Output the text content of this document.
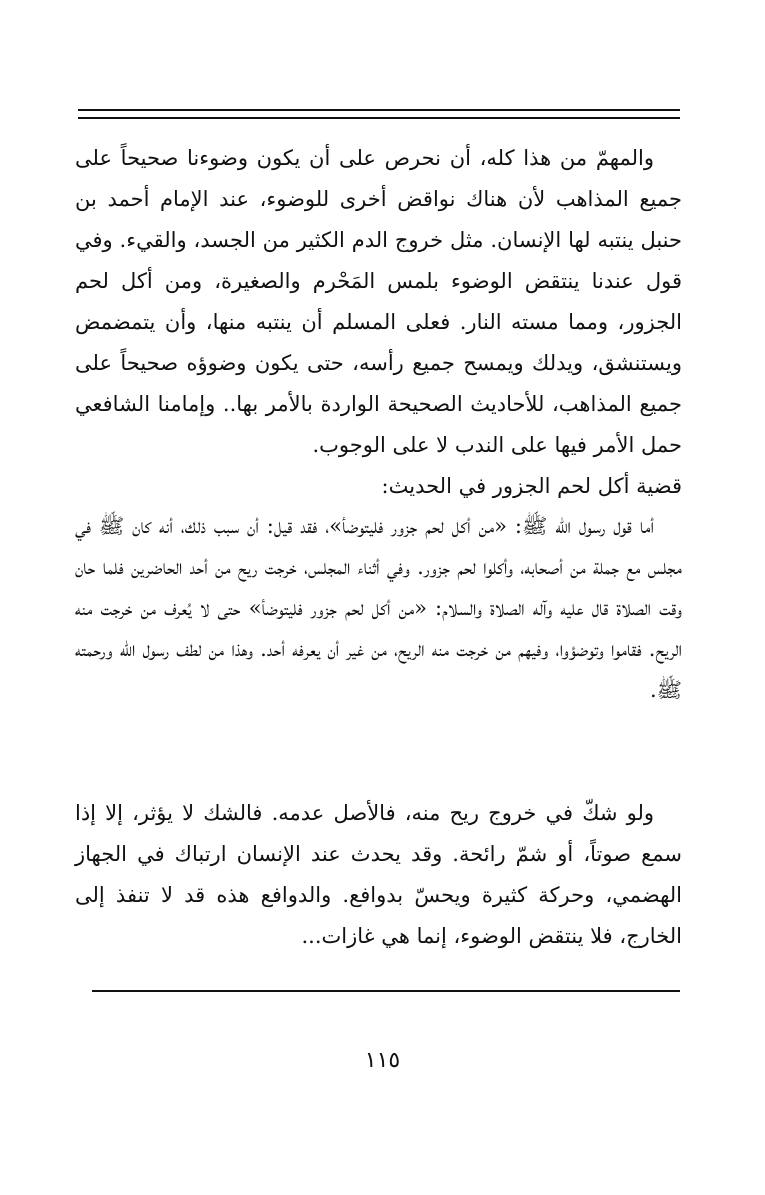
والمهمّ من هذا كله، أن نحرص على أن يكون وضوءنا صحيحاً على جميع المذاهب لأن هناك نواقض أخرى للوضوء، عند الإمام أحمد بن حنبل ينتبه لها الإنسان. مثل خروج الدم الكثير من الجسد، والقيء. وفي قول عندنا ينتقض الوضوء بلمس المَحْرم والصغيرة، ومن أكل لحم الجزور، ومما مسته النار. فعلى المسلم أن ينتبه منها، وأن يتمضمض ويستنشق، ويدلك ويمسح جميع رأسه، حتى يكون وضوؤه صحيحاً على جميع المذاهب، للأحاديث الصحيحة الواردة بالأمر بها.. وإمامنا الشافعي حمل الأمر فيها على الندب لا على الوجوب.

قضية أكل لحم الجزور في الحديث:

أما قول رسول الله ﷺ: «من أكل لحم جزور فليتوضأ»، فقد قيل: أن سبب ذلك، أنه كان ﷺ في مجلس مع جملة من أصحابه، وأكلوا لحم جزور. وفي أثناء المجلس، خرجت ريح من أحد الحاضرين فلما حان وقت الصلاة قال عليه وآله الصلاة والسلام: «من أكل لحم جزور فليتوضأ» حتى لا يُعرف من خرجت منه الريح. فقاموا وتوضؤوا، وفيهم من خرجت منه الريح، من غير أن يعرفه أحد. وهذا من لطف رسول الله ورحمته ﷺ.

ولو شكّ في خروج ريح منه، فالأصل عدمه. فالشك لا يؤثر، إلا إذا سمع صوتاً، أو شمّ رائحة. وقد يحدث عند الإنسان ارتباك في الجهاز الهضمي، وحركة كثيرة ويحسّ بدوافع. والدوافع هذه قد لا تنفذ إلى الخارج، فلا ينتقض الوضوء، إنما هي غازات...

١١٥
